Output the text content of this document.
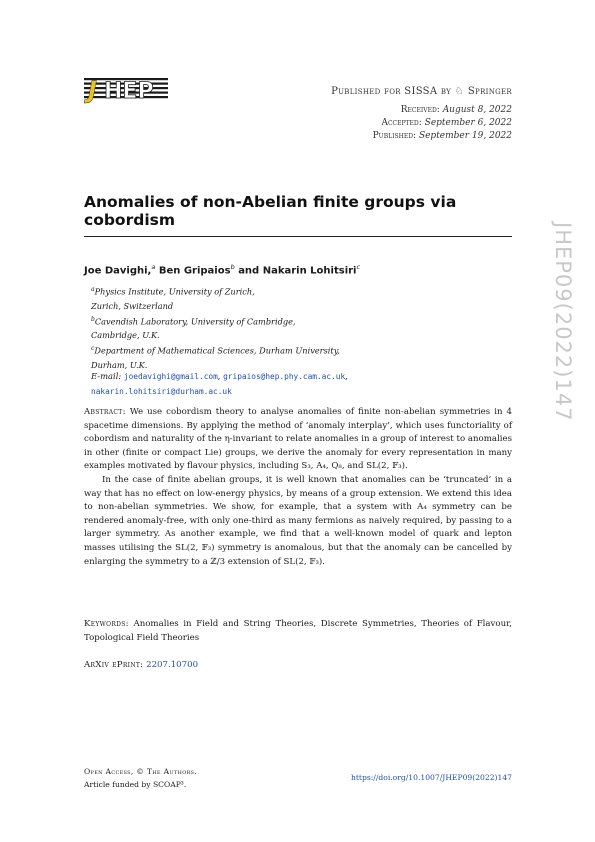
J HEP	Published for SISSA by ♘ Springer
Received: August 8, 2022
Accepted: September 6, 2022
Published: September 19, 2022
Anomalies of non-Abelian finite groups via cobordism
Joe Davighi,$^a$ Ben Gripaios$^b$ and Nakarin Lohitsiri$^c$
$^a$Physics Institute, University of Zurich,
Zurich, Switzerland
$^b$Cavendish Laboratory, University of Cambridge,
Cambridge, U.K.
$^c$Department of Mathematical Sciences, Durham University,
Durham, U.K.
E-mail: joedavighi@gmail.com, gripaios@hep.phy.cam.ac.uk,
nakarin.lohitsiri@durham.ac.uk

Abstract: We use cobordism theory to analyse anomalies of finite non-abelian symmetries in 4 spacetime dimensions. By applying the method of ‘anomaly interplay’, which uses functoriality of cobordism and naturality of the η-invariant to relate anomalies in a group of interest to anomalies in other (finite or compact Lie) groups, we derive the anomaly for every representation in many examples motivated by flavour physics, including S₃, A₄, Q₈, and SL(2, 𝔽₃).

In the case of finite abelian groups, it is well known that anomalies can be ‘truncated’ in a way that has no effect on low-energy physics, by means of a group extension. We extend this idea to non-abelian symmetries. We show, for example, that a system with A₄ symmetry can be rendered anomaly-free, with only one-third as many fermions as naively required, by passing to a larger symmetry. As another example, we find that a well-known model of quark and lepton masses utilising the SL(2, 𝔽₃) symmetry is anomalous, but that the anomaly can be cancelled by enlarging the symmetry to a ℤ/3 extension of SL(2, 𝔽₃).

Keywords: Anomalies in Field and String Theories, Discrete Symmetries, Theories of Flavour, Topological Field Theories
ArXiv ePrint: 2207.10700
Open Access, © The Authors.
Article funded by SCOAP³.
https://doi.org/10.1007/JHEP09(2022)147
JHEP09(2022)147
